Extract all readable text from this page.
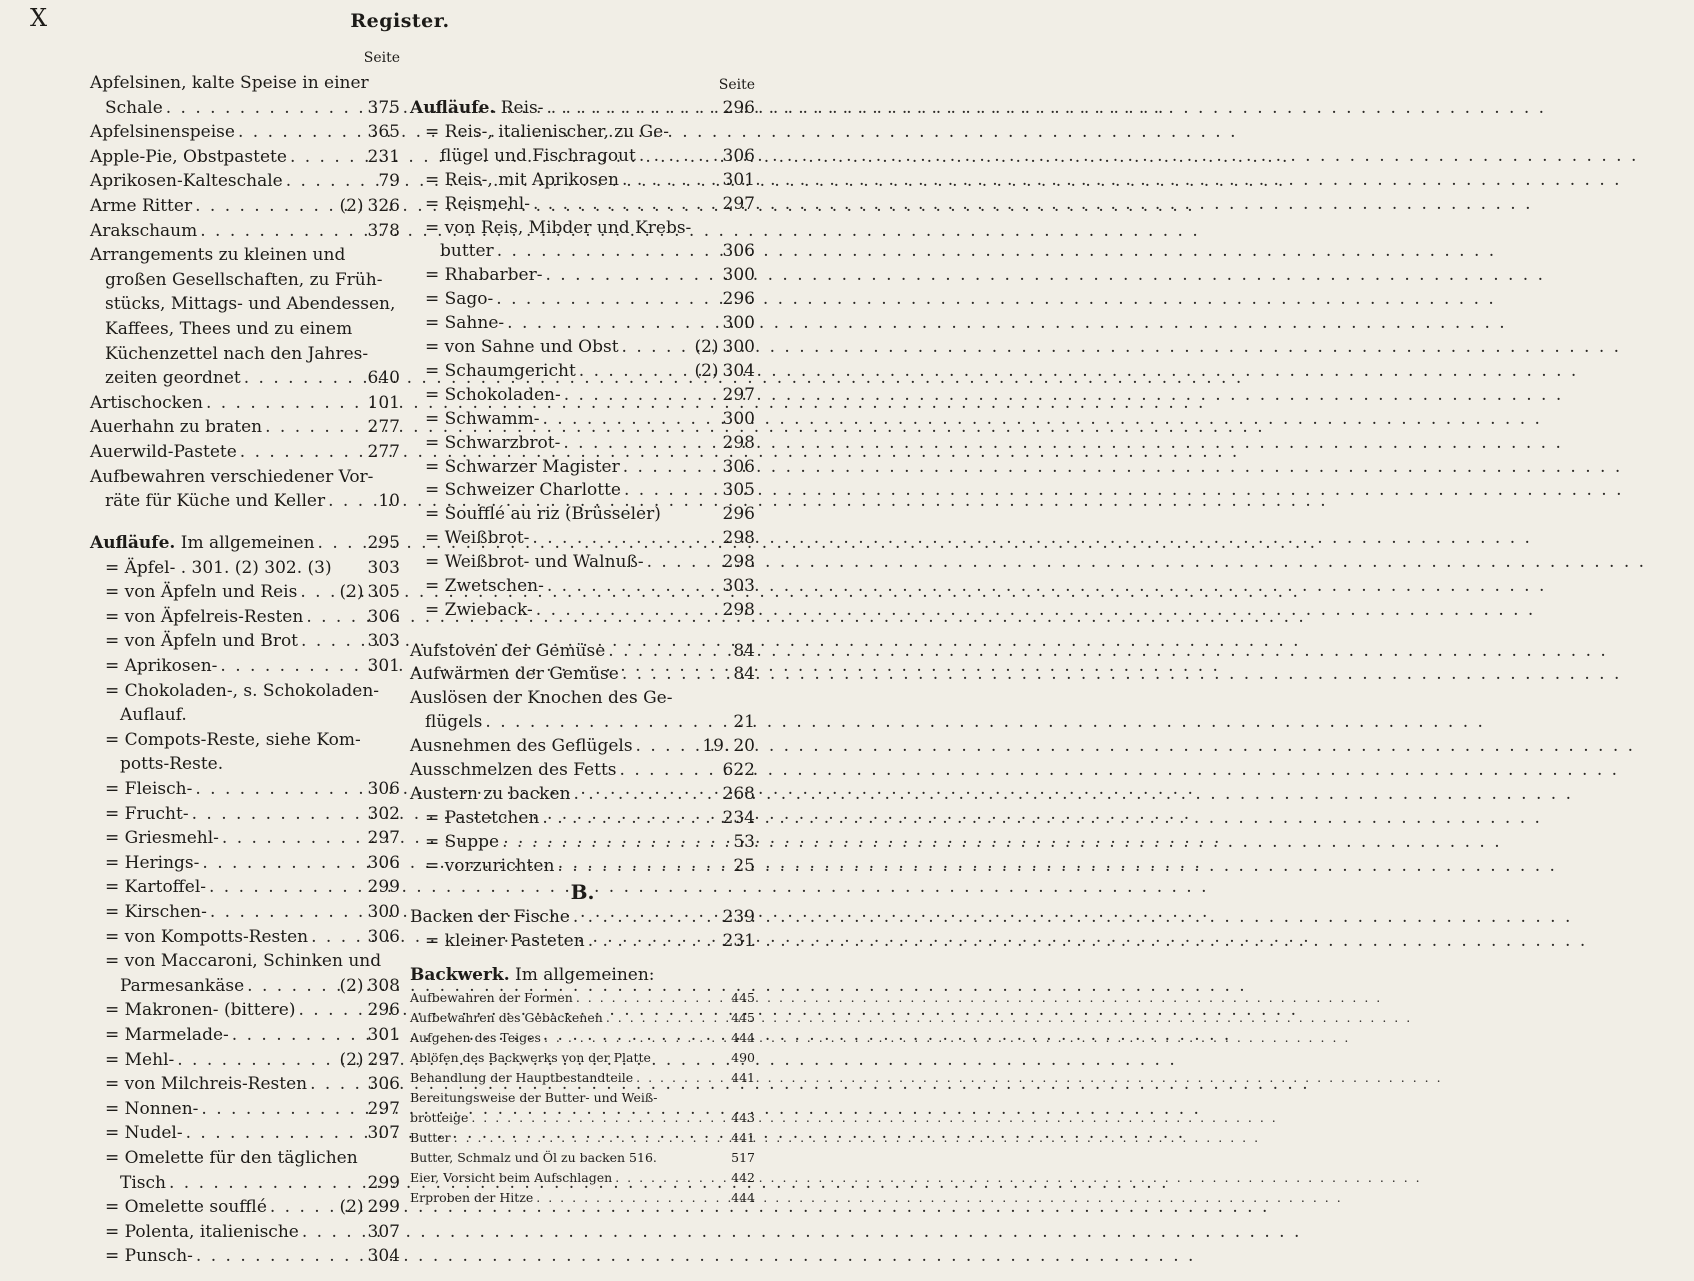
X	Register.
Seite
Apfelsinen, kalte Speise in einer
Schale . . .	375
Apfelsinenspeise . . .	365
Apple-Pie, Obstpastete . . .	231
Aprikosen-Kalteschale . . .	79
Arme Ritter . . .	(2) 326
Arakschaum . . .	378
Arrangements zu kleinen und
großen Gesellschaften, zu Früh-
stücks, Mittags- und Abendessen,
Kaffees, Thees und zu einem
Küchenzettel nach den Jahres-
zeiten geordnet . . .	640
Artischocken . . .	101
Auerhahn zu braten . . .	277
Auerwild-Pastete . . .	277
Aufbewahren verschiedener Vor-
räte für Küche und Keller . . .	10
Aufläufe. Im allgemeinen . . .	295
= Äpfel- . 301. (2) 302. (3) 303
= von Äpfeln und Reis . . . (2) 305
= von Äpfelreis-Resten . . .	306
= von Äpfeln und Brot . . .	303
= Aprikosen- . . .	301
= Chokoladen-, s. Schokoladen-
Auflauf.
= Compots-Reste, siehe Kom-
potts-Reste.
= Fleisch- . . .	306
= Frucht- . . .	302
= Griesmehl- . . .	297
= Herings- . . .	306
= Kartoffel- . . .	299
= Kirschen- . . .	300
= von Kompotts-Resten . . .	306
= von Maccaroni, Schinken und
Parmesankäse . . .	(2) 308
= Makronen- (bittere) . . .	296
= Marmelade- . . .	301
= Mehl- . . .	(2) 297
= von Milchreis-Resten . . .	306
= Nonnen- . . .	297
= Nudel- . . .	307
= Omelette für den täglichen
Tisch . . .	299
= Omelette soufflé . . .	(2) 299
= Polenta, italienische . . .	307
= Punsch- . . .	304
Seite
Aufläufe. Reis- . . .	296
= Reis-, italienischer, zu Ge-
flügel und Fischragout . . .	306
= Reis-, mit Aprikosen . . .	301
= Reismehl- . . .	297
= von Reis, Mibder und Krebs-
butter . . .	306
= Rhabarber- . . .	300
= Sago- . . .	296
= Sahne- . . .	300
= von Sahne und Obst . . .	(2) 300
= Schaumgericht . . .	(2) 304
= Schokoladen- . . .	297
= Schwamm- . . .	300
= Schwarzbrot- . . .	298
= Schwarzer Magister . . .	306
= Schweizer Charlotte . . .	305
= Soufflé au riz (Brüsseler)	296
= Weißbrot- . . .	298
= Weißbrot- und Walnuß- . . .	298
= Zwetschen- . . .	303
= Zwieback- . . .	298
Aufstoven der Gemüse . . .	84
Aufwärmen der Gemüse . . .	84
Auslösen der Knochen des Ge-
flügels . . .	21
Ausnehmen des Geflügels . . .	19. 20
Ausschmelzen des Fetts . . .	622
Austern zu backen . . .	268
= Pastetchen . . .	234
= Suppe . . .	53
= vorzurichten . . .	25
B.
Backen der Fische . . .	239
= kleiner Pasteten . . .	231
Backwerk. Im allgemeinen:
Aufbewahren der Formen . . .	445
Aufbewahren des Gebackenen . . .	445
Aufgehen des Teiges . . .	444
Ablöfen des Backwerks von der Platte	490
Behandlung der Hauptbestandteile . . .	441
Bereitungsweise der Butter- und Weiß-
brotteige . . .	443
Butter . . .	441
Butter, Schmalz und Öl zu backen 516.	517
Eier, Vorsicht beim Aufschlagen . . .	442
Erproben der Hitze . . .	444
